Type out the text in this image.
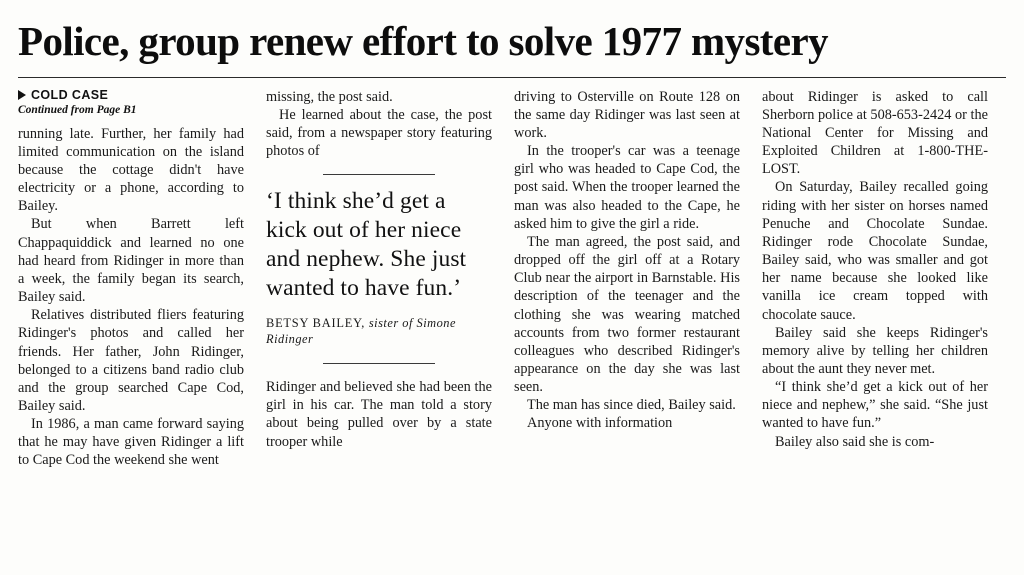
Police, group renew effort to solve 1977 mystery
COLD CASE
Continued from Page B1

running late. Further, her family had limited communication on the island because the cottage didn't have electricity or a phone, according to Bailey.

But when Barrett left Chappaquiddick and learned no one had heard from Ridinger in more than a week, the family began its search, Bailey said.

Relatives distributed fliers featuring Ridinger's photos and called her friends. Her father, John Ridinger, belonged to a citizens band radio club and the group searched Cape Cod, Bailey said.

In 1986, a man came forward saying that he may have given Ridinger a lift to Cape Cod the weekend she went

missing, the post said.

He learned about the case, the post said, from a newspaper story featuring photos of

‘I think she’d get a kick out of her niece and nephew. She just wanted to have fun.’
BETSY BAILEY, sister of Simone Ridinger

Ridinger and believed she had been the girl in his car. The man told a story about being pulled over by a state trooper while

driving to Osterville on Route 128 on the same day Ridinger was last seen at work.

In the trooper's car was a teenage girl who was headed to Cape Cod, the post said. When the trooper learned the man was also headed to the Cape, he asked him to give the girl a ride.

The man agreed, the post said, and dropped off the girl off at a Rotary Club near the airport in Barnstable. His description of the teenager and the clothing she was wearing matched accounts from two former restaurant colleagues who described Ridinger's appearance on the day she was last seen.

The man has since died, Bailey said.

Anyone with information

about Ridinger is asked to call Sherborn police at 508-653-2424 or the National Center for Missing and Exploited Children at 1-800-THE-LOST.

On Saturday, Bailey recalled going riding with her sister on horses named Penuche and Chocolate Sundae. Ridinger rode Chocolate Sundae, Bailey said, who was smaller and got her name because she looked like vanilla ice cream topped with chocolate sauce.

Bailey said she keeps Ridinger's memory alive by telling her children about the aunt they never met.

“I think she’d get a kick out of her niece and nephew,” she said. “She just wanted to have fun.”

Bailey also said she is com-
